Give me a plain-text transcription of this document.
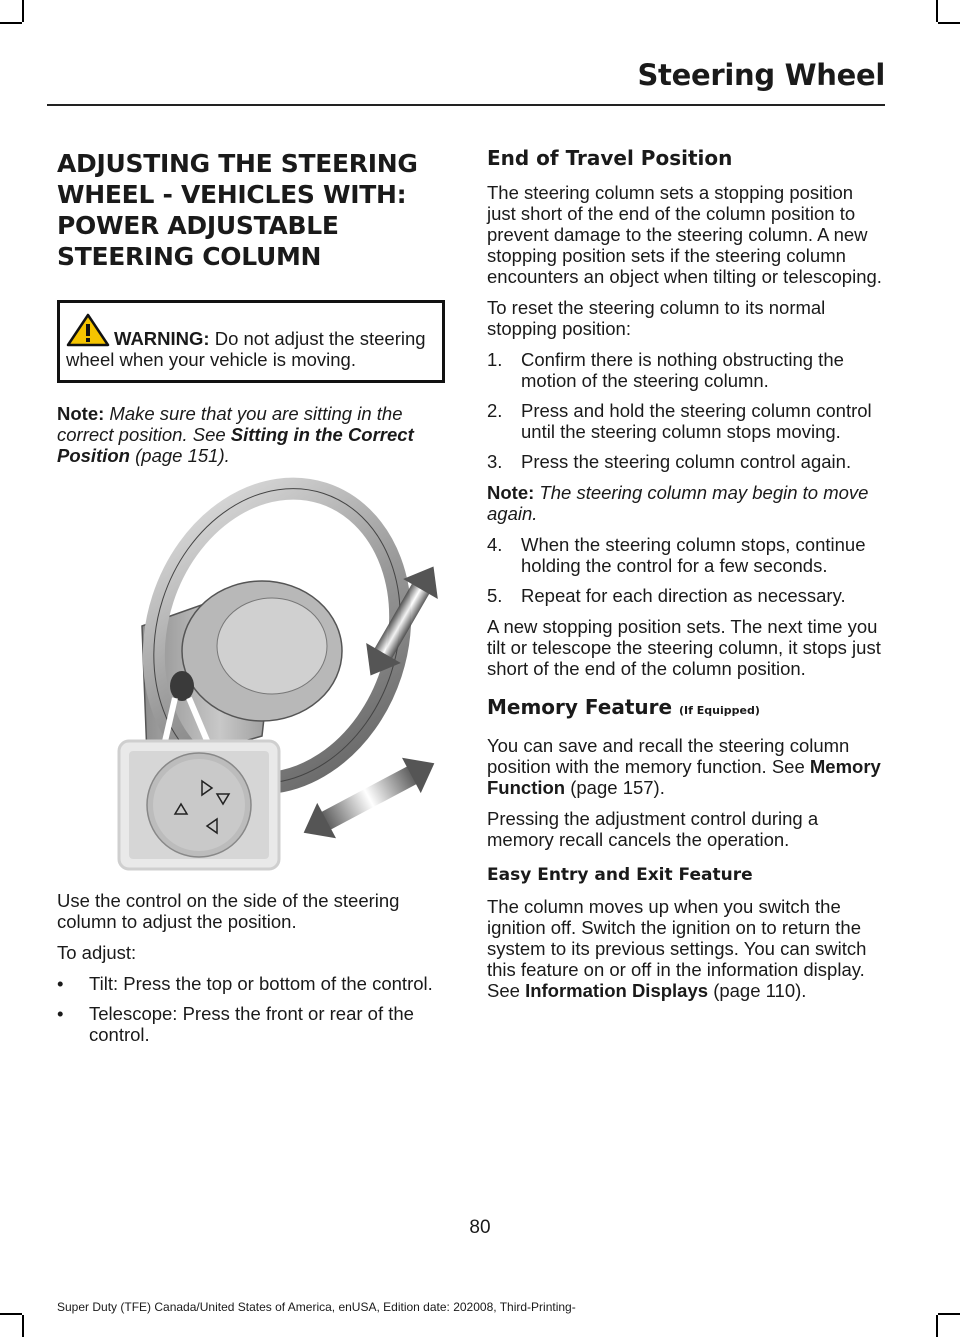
Steering Wheel
ADJUSTING THE STEERING WHEEL - VEHICLES WITH: POWER ADJUSTABLE STEERING COLUMN
WARNING: Do not adjust the steering wheel when your vehicle is moving.

Note: Make sure that you are sitting in the correct position. See Sitting in the Correct Position (page 151).

Use the control on the side of the steering column to adjust the position.

To adjust:

• Tilt: Press the top or bottom of the control.
• Telescope: Press the front or rear of the control.
End of Travel Position

The steering column sets a stopping position just short of the end of the column position to prevent damage to the steering column. A new stopping position sets if the steering column encounters an object when tilting or telescoping.

To reset the steering column to its normal stopping position:

1. Confirm there is nothing obstructing the motion of the steering column.
2. Press and hold the steering column control until the steering column stops moving.
3. Press the steering column control again.

Note: The steering column may begin to move again.

4. When the steering column stops, continue holding the control for a few seconds.
5. Repeat for each direction as necessary.

A new stopping position sets. The next time you tilt or telescope the steering column, it stops just short of the end of the column position.

Memory Feature (If Equipped)

You can save and recall the steering column position with the memory function. See Memory Function (page 157).

Pressing the adjustment control during a memory recall cancels the operation.

Easy Entry and Exit Feature

The column moves up when you switch the ignition off. Switch the ignition on to return the system to its previous settings. You can switch this feature on or off in the information display. See Information Displays (page 110).

80
Super Duty (TFE) Canada/United States of America, enUSA, Edition date: 202008, Third-Printing-
